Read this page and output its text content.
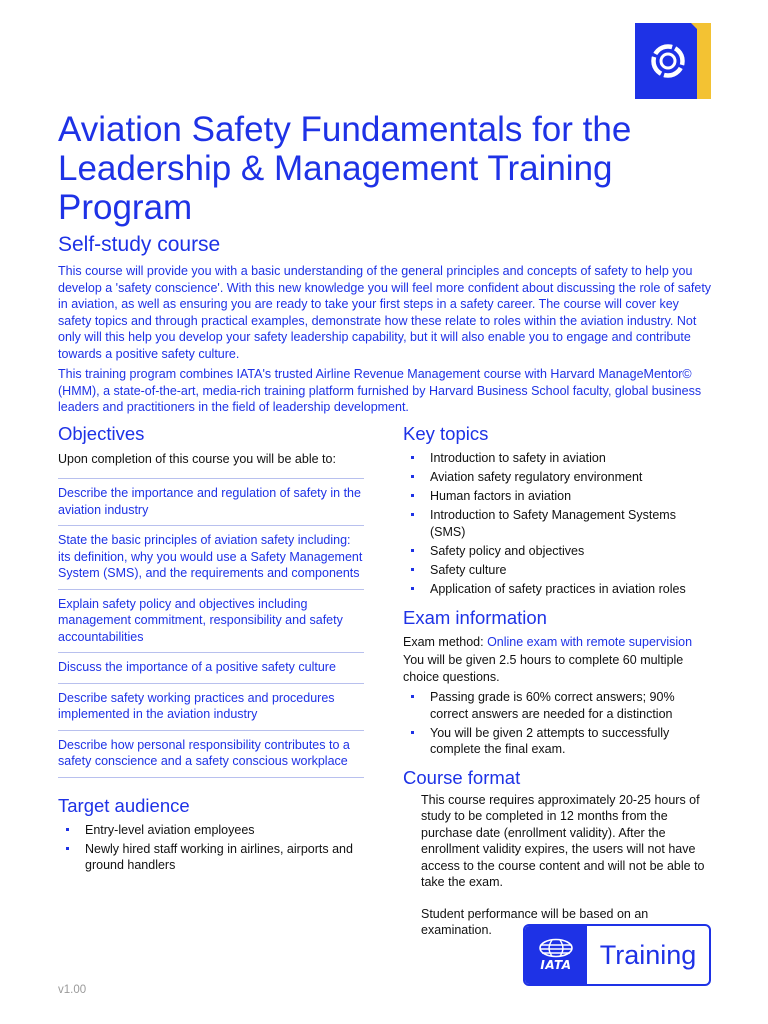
Aviation Safety Fundamentals for the Leadership & Management Training Program

Self-study course

This course will provide you with a basic understanding of the general principles and concepts of safety to help you develop a 'safety conscience'. With this new knowledge you will feel more confident about discussing the role of safety in aviation, as well as ensuring you are ready to take your first steps in a safety career. The course will cover key safety topics and through practical examples, demonstrate how these relate to roles within the aviation industry. Not only will this help you develop your safety leadership capability, but it will also enable you to engage and contribute towards a positive safety culture.

This training program combines IATA's trusted Airline Revenue Management course with Harvard ManageMentor© (HMM), a state-of-the-art, media-rich training platform furnished by Harvard Business School faculty, global business leaders and practitioners in the field of leadership development.

Objectives

Upon completion of this course you will be able to:

Describe the importance and regulation of safety in the aviation industry
State the basic principles of aviation safety including: its definition, why you would use a Safety Management System (SMS), and the requirements and components
Explain safety policy and objectives including management commitment, responsibility and safety accountabilities
Discuss the importance of a positive safety culture
Describe safety working practices and procedures implemented in the aviation industry
Describe how personal responsibility contributes to a safety conscience and a safety conscious workplace
Target audience
Entry-level aviation employees
Newly hired staff working in airlines, airports and ground handlers
Key topics
Introduction to safety in aviation
Aviation safety regulatory environment
Human factors in aviation
Introduction to Safety Management Systems (SMS)
Safety policy and objectives
Safety culture
Application of safety practices in aviation roles
Exam information

Exam method: Online exam with remote supervision

You will be given 2.5 hours to complete 60 multiple choice questions.

Passing grade is 60% correct answers; 90% correct answers are needed for a distinction
You will be given 2 attempts to successfully complete the final exam.
Course format

This course requires approximately 20-25 hours of study to be completed in 12 months from the purchase date (enrollment validity). After the enrollment validity expires, the users will not have access to the course content and will not be able to take the exam.

Student performance will be based on an examination.

IATA	Training
v1.00
